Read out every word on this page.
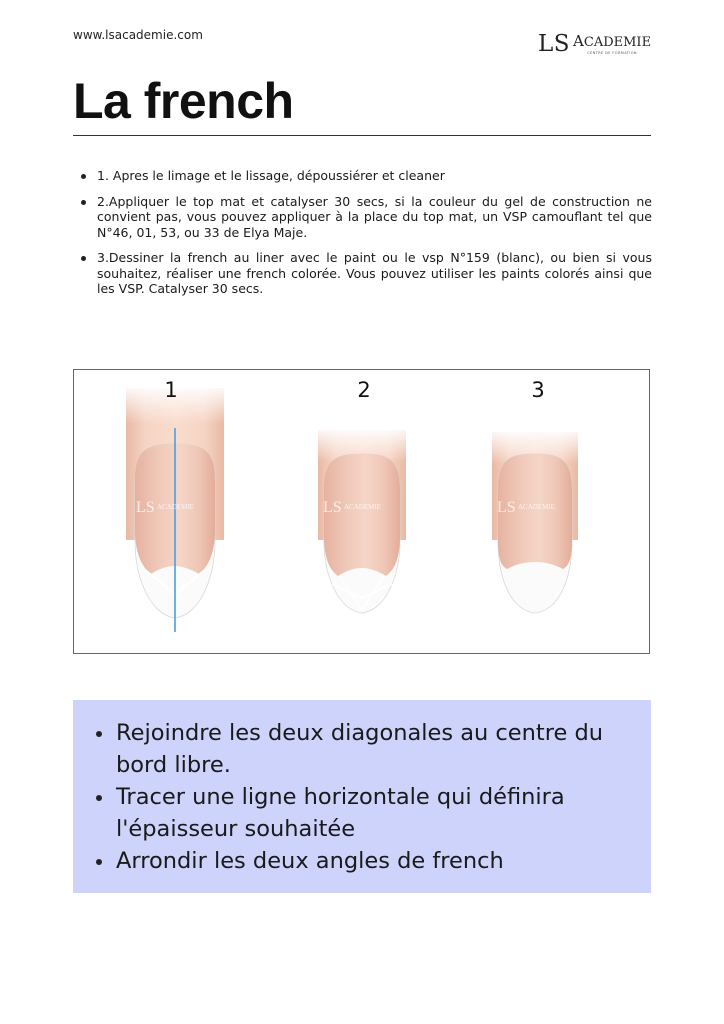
www.lsacademie.com	LS ACADEMIE
CENTRE DE FORMATION
La french
1. Apres le limage et le lissage, dépoussiérer et cleaner
2.Appliquer le top mat et catalyser 30 secs, si la couleur du gel de construction ne convient pas, vous pouvez appliquer à la place du top mat, un VSP camouflant tel que N°46, 01, 53, ou 33 de Elya Maje.
3.Dessiner la french au liner avec le paint ou le vsp N°159 (blanc), ou bien si vous souhaitez, réaliser une french colorée. Vous pouvez utiliser les paints colorés ainsi que les VSP. Catalyser 30 secs.
LS ACADEMIE	LS ACADEMIE	LS ACADEMIE
1	2	3
Rejoindre les deux diagonales au centre du bord libre.
Tracer une ligne horizontale qui définira l'épaisseur souhaitée
Arrondir les deux angles de french
